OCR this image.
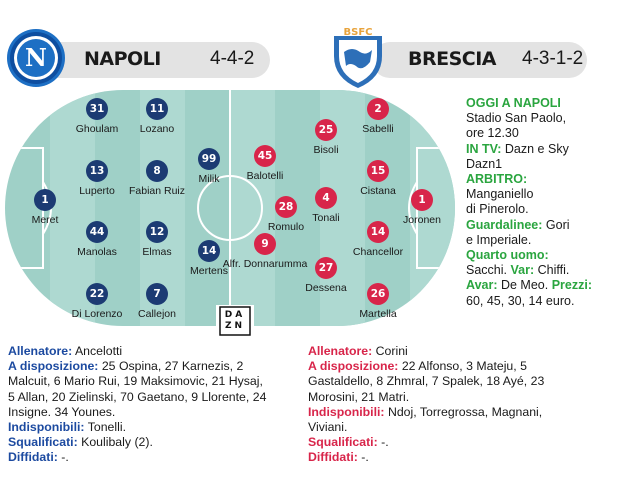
N NAPOLI	4-4-2
BSFC
BRESCIA 4-3-1-2
1
Meret
31
Ghoulam
13
Luperto
44
Manolas
22
Di Lorenzo
11
Lozano
8
Fabian Ruiz
12
Elmas
7
Callejon
99
Milik
14
Mertens
1
Joronen
2
Sabelli
15
Cistana
14
Chancellor
26
Martella
25
Bisoli
4
Tonali
27
Dessena
28
Romulo
45
Balotelli
9
Alfr. Donnarumma
DAZN
OGGI A NAPOLI
Stadio San Paolo,
ore 12.30
IN TV: Dazn e Sky
Dazn1
ARBITRO:
Manganiello
di Pinerolo.
Guardalinee: Gori
e Imperiale.
Quarto uomo:
Sacchi. Var: Chiffi.
Avar: De Meo. Prezzi:
60, 45, 30, 14 euro.
Allenatore: Ancelotti
A disposizione: 25 Ospina, 27 Karnezis, 2
Malcuit, 6 Mario Rui, 19 Maksimovic, 21 Hysaj,
5 Allan, 20 Zielinski, 70 Gaetano, 9 Llorente, 24
Insigne. 34 Younes.
Indisponibili: Tonelli.
Squalificati: Koulibaly (2).
Diffidati: -.
Allenatore: Corini
A disposizione: 22 Alfonso, 3 Mateju, 5
Gastaldello, 8 Zhmral, 7 Spalek, 18 Ayé, 23
Morosini, 21 Matri.
Indisponibili: Ndoj, Torregrossa, Magnani,
Viviani.
Squalificati: -.
Diffidati: -.
